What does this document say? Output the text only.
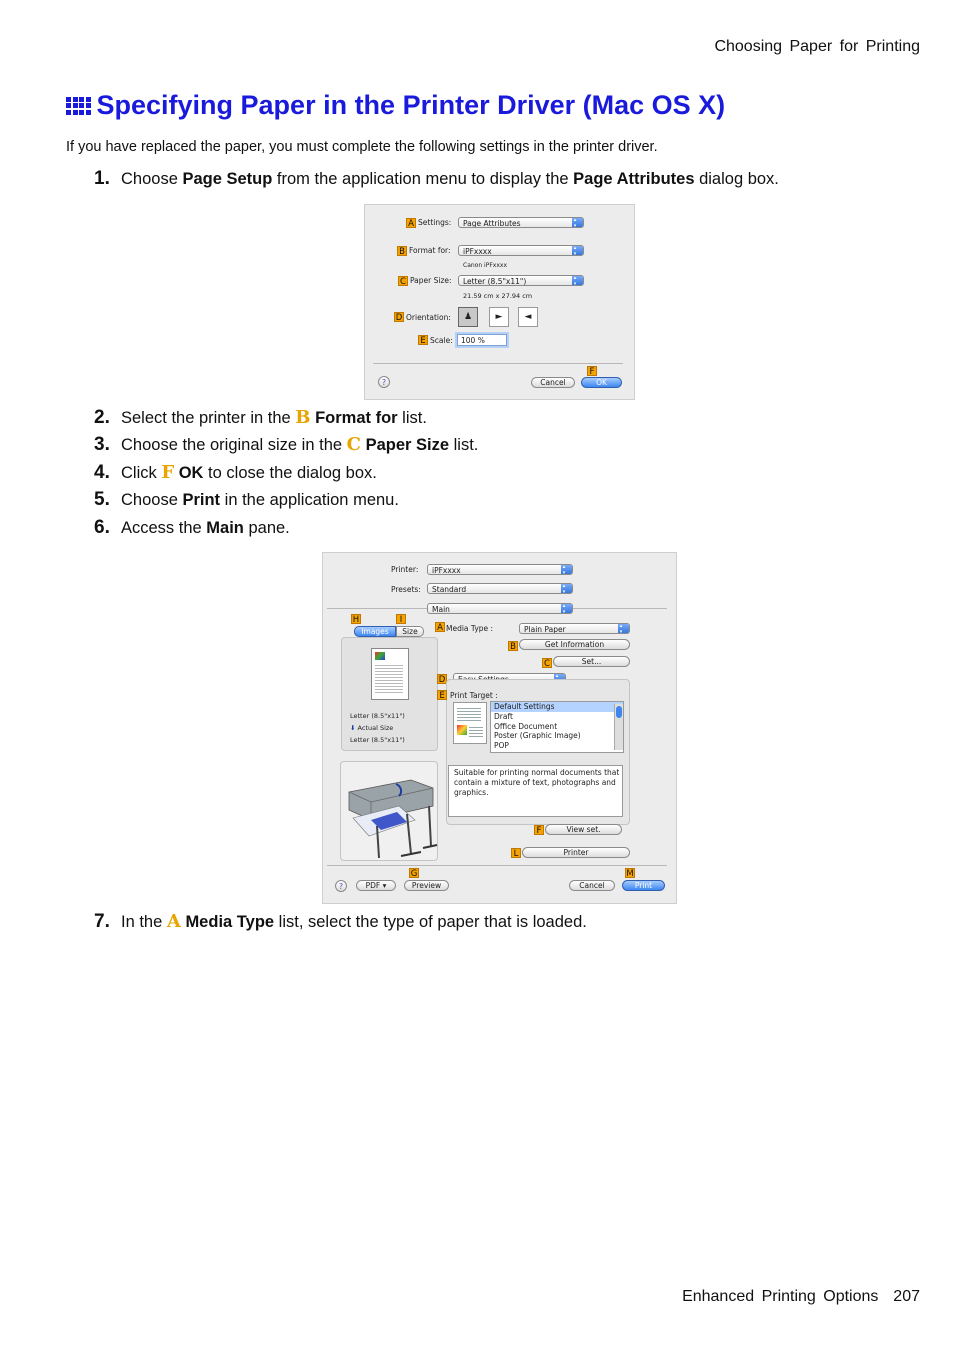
Choosing Paper for Printing
Specifying Paper in the Printer Driver (Mac OS X)
If you have replaced the paper, you must complete the following settings in the printer driver.
1. Choose Page Setup from the application menu to display the Page Attributes dialog box.
A Settings:	Page Attributes ▴▾
B Format for:	iPFxxxx ▴▾
Canon iPFxxxx
C Paper Size:	Letter (8.5"x11") ▴▾
21.59 cm x 27.94 cm
D Orientation:	♟	►	◄
E Scale:	100 %
F
?	Cancel	OK
2. Select the printer in the B Format for list.
3. Choose the original size in the C Paper Size list.
4. Click F OK to close the dialog box.
5. Choose Print in the application menu.
6. Access the Main pane.
Printer:	iPFxxxx ▴▾
Presets:	Standard ▴▾
Main ▴▾
H	I
Images	Size
Letter (8.5"x11")
⬇ Actual Size
Letter (8.5"x11")
A Media Type :	Plain Paper ▴▾
B	Get Information
C	Set...
D
▴▾
E Print Target :
Default Settings
Draft
Office Document
Poster (Graphic Image)
POP
Suitable for printing normal documents that contain a mixture of text, photographs and graphics.
F	View set.
L	Printer
G	M
?	PDF ▾	Preview	Cancel	Print
7. In the A Media Type list, select the type of paper that is loaded.
Enhanced Printing Options 207
